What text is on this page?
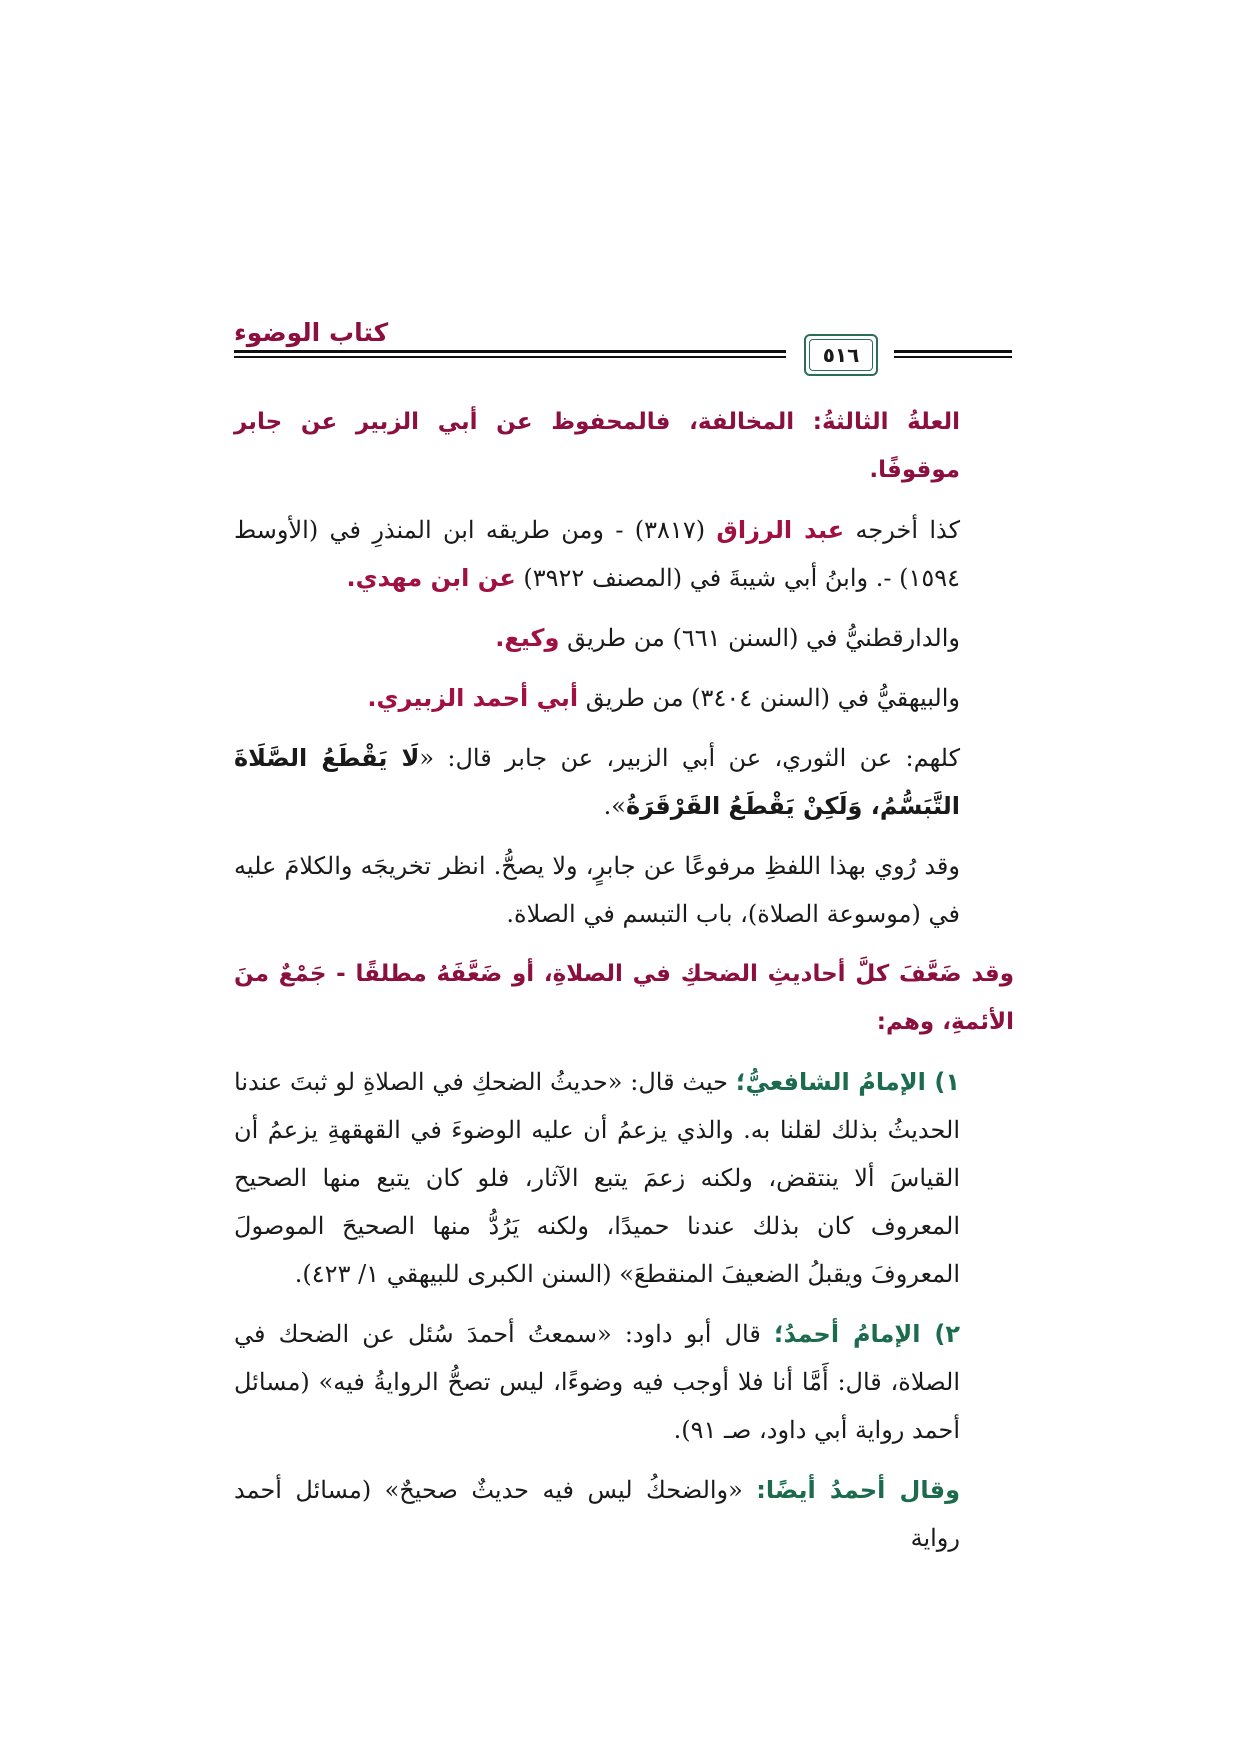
كتاب الوضوء
٥١٦

العلةُ الثالثةُ: المخالفة، فالمحفوظ عن أبي الزبير عن جابر موقوفًا.

كذا أخرجه عبد الرزاق (٣٨١٧) - ومن طريقه ابن المنذرِ في (الأوسط ١٥٩٤) -. وابنُ أبي شيبةَ في (المصنف ٣٩٢٢) عن ابن مهدي.

والدارقطنيُّ في (السنن ٦٦١) من طريق وكيع.

والبيهقيُّ في (السنن ٣٤٠٤) من طريق أبي أحمد الزبيري.

كلهم: عن الثوري، عن أبي الزبير، عن جابر قال: «لَا يَقْطَعُ الصَّلَاةَ التَّبَسُّمُ، وَلَكِنْ يَقْطَعُ القَرْقَرَةُ».

وقد رُوي بهذا اللفظِ مرفوعًا عن جابرٍ، ولا يصحُّ. انظر تخريجَه والكلامَ عليه في (موسوعة الصلاة)، باب التبسم في الصلاة.

وقد ضَعَّفَ كلَّ أحاديثِ الضحكِ في الصلاةِ، أو ضَعَّفَهُ مطلقًا - جَمْعٌ منَ الأئمةِ، وهم:

١) الإمامُ الشافعيُّ؛ حيث قال: «حديثُ الضحكِ في الصلاةِ لو ثبتَ عندنا الحديثُ بذلك لقلنا به. والذي يزعمُ أن عليه الوضوءَ في القهقهةِ يزعمُ أن القياسَ ألا ينتقض، ولكنه زعمَ يتبع الآثار، فلو كان يتبع منها الصحيح المعروف كان بذلك عندنا حميدًا، ولكنه يَرُدُّ منها الصحيحَ الموصولَ المعروفَ ويقبلُ الضعيفَ المنقطعَ» (السنن الكبرى للبيهقي ١/ ٤٢٣).

٢) الإمامُ أحمدُ؛ قال أبو داود: «سمعتُ أحمدَ سُئل عن الضحك في الصلاة، قال: أَمَّا أنا فلا أوجب فيه وضوءًا، ليس تصحُّ الروايةُ فيه» (مسائل أحمد رواية أبي داود، صـ ٩١).

وقال أحمدُ أيضًا: «والضحكُ ليس فيه حديثٌ صحيحٌ» (مسائل أحمد رواية
